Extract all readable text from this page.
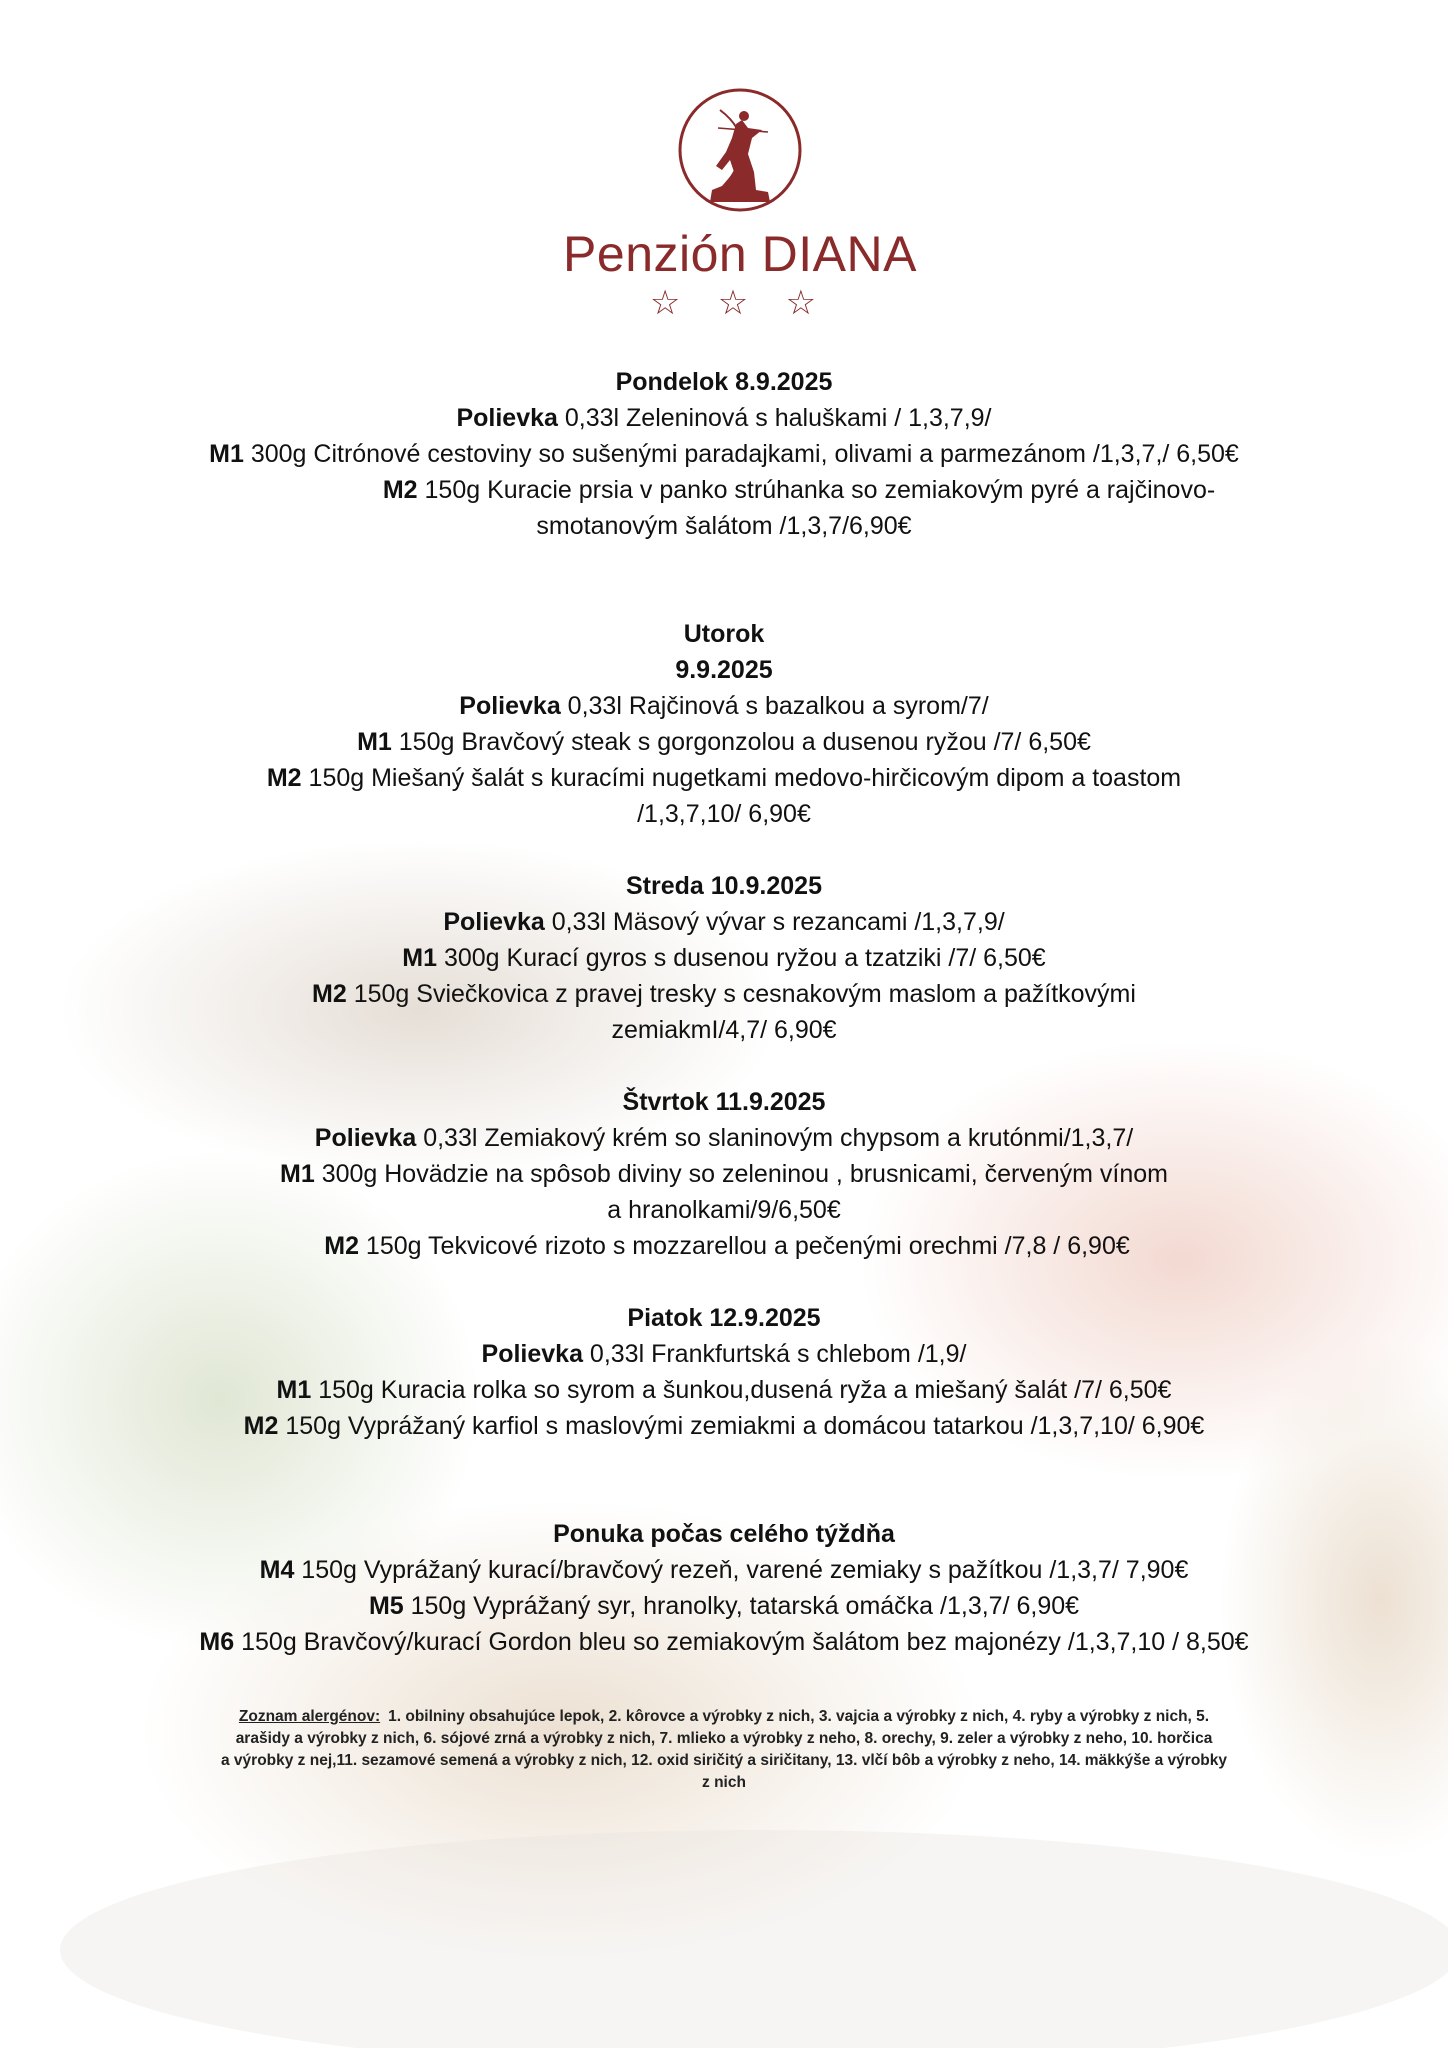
Penzión DIANA
☆ ☆ ☆
Pondelok 8.9.2025
Polievka 0,33l Zeleninová s haluškami / 1,3,7,9/
M1 300g Citrónové cestoviny so sušenými paradajkami, olivami a parmezánom /1,3,7,/ 6,50€
M2 150g Kuracie prsia v panko strúhanka so zemiakovým pyré a rajčinovo-
smotanovým šalátom /1,3,7/6,90€
Utorok
9.9.2025
Polievka 0,33l Rajčinová s bazalkou a syrom/7/
M1 150g Bravčový steak s gorgonzolou a dusenou ryžou /7/ 6,50€
M2 150g Miešaný šalát s kuracími nugetkami medovo-hirčicovým dipom a toastom
/1,3,7,10/ 6,90€
Streda 10.9.2025
Polievka 0,33l Mäsový vývar s rezancami /1,3,7,9/
M1 300g Kurací gyros s dusenou ryžou a tzatziki /7/ 6,50€
M2 150g Sviečkovica z pravej tresky s cesnakovým maslom a pažítkovými
zemiakmI/4,7/ 6,90€
Štvrtok 11.9.2025
Polievka 0,33l Zemiakový krém so slaninovým chypsom a krutónmi/1,3,7/
M1 300g Hovädzie na spôsob diviny so zeleninou , brusnicami, červeným vínom
a hranolkami/9/6,50€
M2 150g Tekvicové rizoto s mozzarellou a pečenými orechmi /7,8 / 6,90€
Piatok 12.9.2025
Polievka 0,33l Frankfurtská s chlebom /1,9/
M1 150g Kuracia rolka so syrom a šunkou,dusená ryža a miešaný šalát /7/ 6,50€
M2 150g Vyprážaný karfiol s maslovými zemiakmi a domácou tatarkou /1,3,7,10/ 6,90€
Ponuka počas celého týždňa
M4 150g Vyprážaný kurací/bravčový rezeň, varené zemiaky s pažítkou /1,3,7/ 7,90€
M5 150g Vyprážaný syr, hranolky, tatarská omáčka /1,3,7/ 6,90€
M6 150g Bravčový/kurací Gordon bleu so zemiakovým šalátom bez majonézy /1,3,7,10 / 8,50€
Zoznam alergénov: 1. obilniny obsahujúce lepok, 2. kôrovce a výrobky z nich, 3. vajcia a výrobky z nich, 4. ryby a výrobky z nich, 5.
arašidy a výrobky z nich, 6. sójové zrná a výrobky z nich, 7. mlieko a výrobky z neho, 8. orechy, 9. zeler a výrobky z neho, 10. horčica
a výrobky z nej,11. sezamové semená a výrobky z nich, 12. oxid siričitý a siričitany, 13. vlčí bôb a výrobky z neho, 14. mäkkýše a výrobky
z nich
